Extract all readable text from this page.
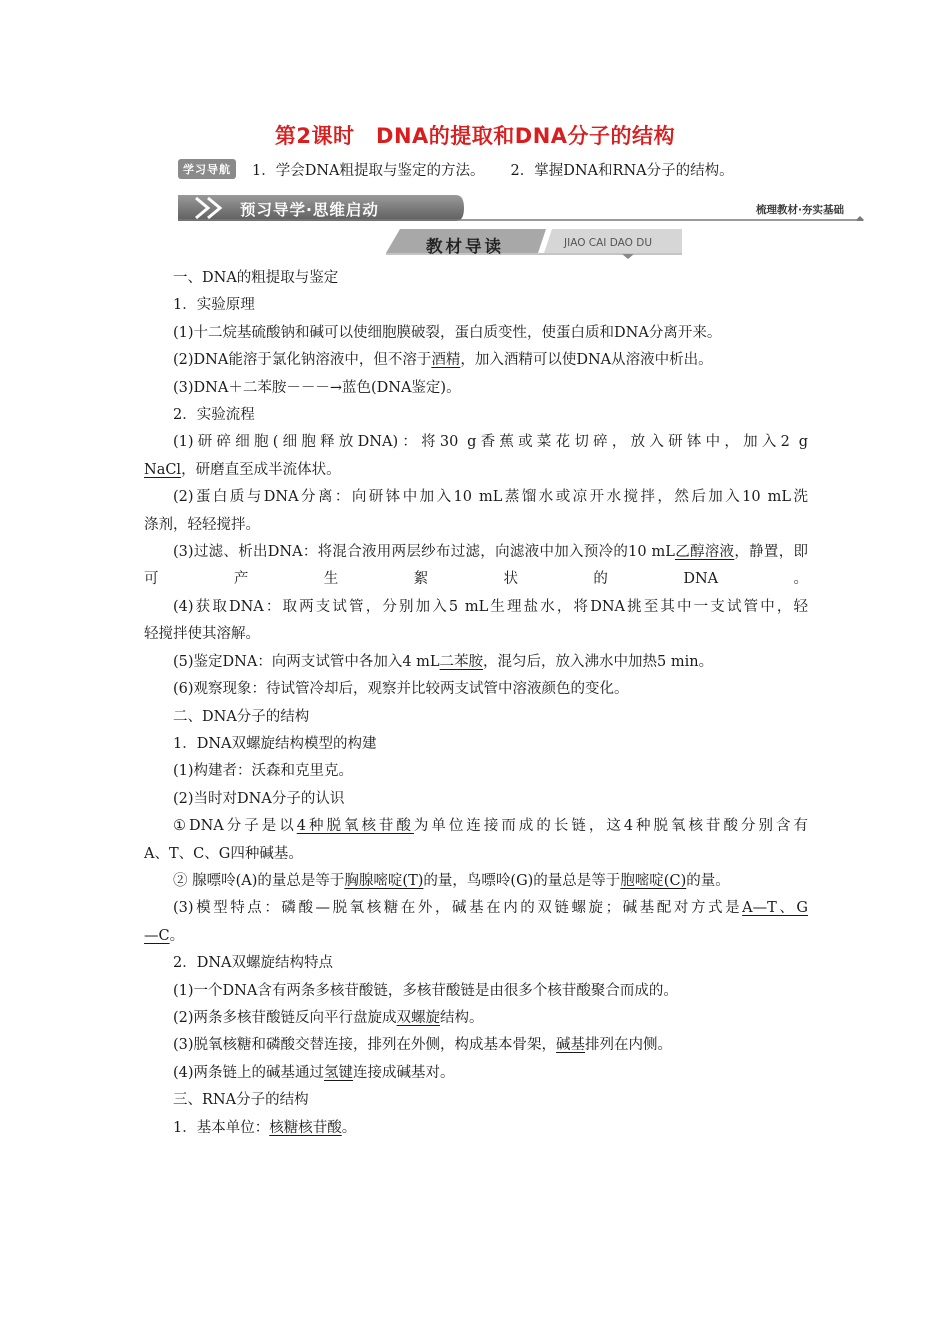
第2课时　DNA的提取和DNA分子的结构
学习导航	1．学会DNA粗提取与鉴定的方法。 2．掌握DNA和RNA分子的结构。
预习导学·思维启动	梳理教材·夯实基础
教材导读	JIAO CAI DAO DU

一、DNA的粗提取与鉴定

1．实验原理

(1)十二烷基硫酸钠和碱可以使细胞膜破裂，蛋白质变性，使蛋白质和DNA分离开来。

(2)DNA能溶于氯化钠溶液中，但不溶于酒精，加入酒精可以使DNA从溶液中析出。

(3)DNA＋二苯胺－－－→蓝色(DNA鉴定)。

2．实验流程

(1)研碎细胞(细胞释放DNA)：将30 g香蕉或菜花切碎，放入研钵中，加入2 g

NaCl，研磨直至成半流体状。

(2)蛋白质与DNA分离：向研钵中加入10 mL蒸馏水或凉开水搅拌，然后加入10 mL洗

涤剂，轻轻搅拌。

(3)过滤、析出DNA：将混合液用两层纱布过滤，向滤液中加入预冷的10 mL乙醇溶液，静置，即可产生絮状的DNA。

(4)获取DNA：取两支试管，分别加入5 mL生理盐水，将DNA挑至其中一支试管中，轻

轻搅拌使其溶解。

(5)鉴定DNA：向两支试管中各加入4 mL二苯胺，混匀后，放入沸水中加热5 min。

(6)观察现象：待试管冷却后，观察并比较两支试管中溶液颜色的变化。

二、DNA分子的结构

1．DNA双螺旋结构模型的构建

(1)构建者：沃森和克里克。

(2)当时对DNA分子的认识

①DNA分子是以4种脱氧核苷酸为单位连接而成的长链，这4种脱氧核苷酸分别含有

A、T、C、G四种碱基。

② 腺嘌呤(A)的量总是等于胸腺嘧啶(T)的量，鸟嘌呤(G)的量总是等于胞嘧啶(C)的量。

(3)模型特点：磷酸—脱氧核糖在外，碱基在内的双链螺旋；碱基配对方式是A—T、G

—C。

2．DNA双螺旋结构特点

(1)一个DNA含有两条多核苷酸链，多核苷酸链是由很多个核苷酸聚合而成的。

(2)两条多核苷酸链反向平行盘旋成双螺旋结构。

(3)脱氧核糖和磷酸交替连接，排列在外侧，构成基本骨架，碱基排列在内侧。

(4)两条链上的碱基通过氢键连接成碱基对。

三、RNA分子的结构

1．基本单位：核糖核苷酸。
